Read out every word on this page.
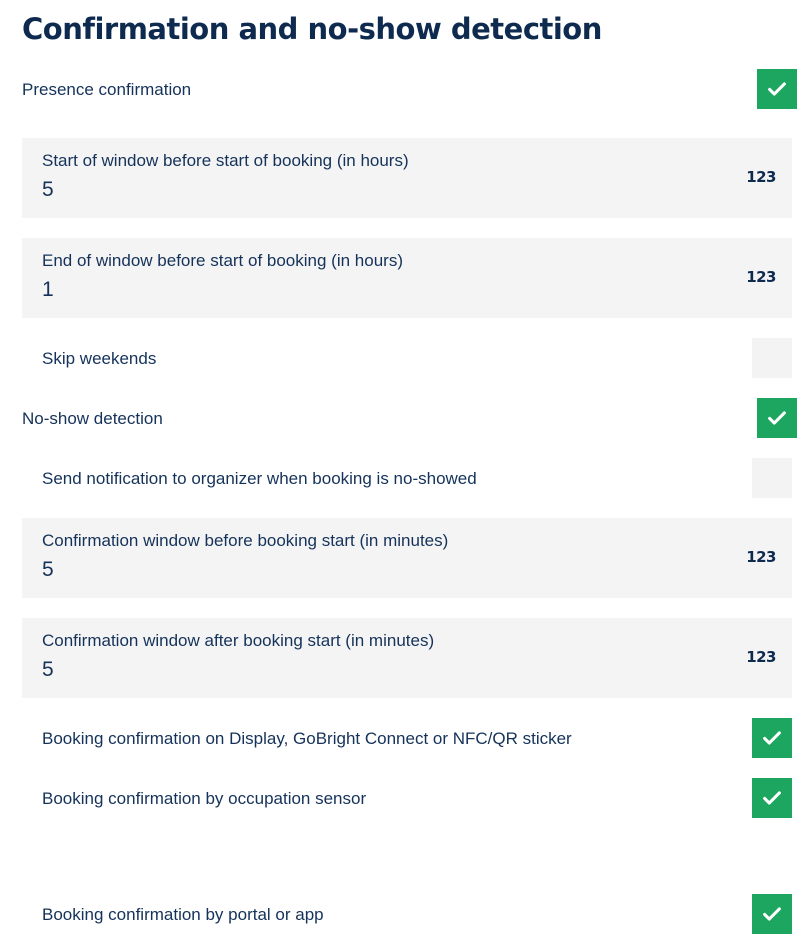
Confirmation and no-show detection
Presence confirmation
Start of window before start of booking (in hours)
5
123
End of window before start of booking (in hours)
1
123
Skip weekends
No-show detection
Send notification to organizer when booking is no-showed
Confirmation window before booking start (in minutes)
5
123
Confirmation window after booking start (in minutes)
5
123
Booking confirmation on Display, GoBright Connect or NFC/QR sticker
Booking confirmation by occupation sensor
Booking confirmation by portal or app
